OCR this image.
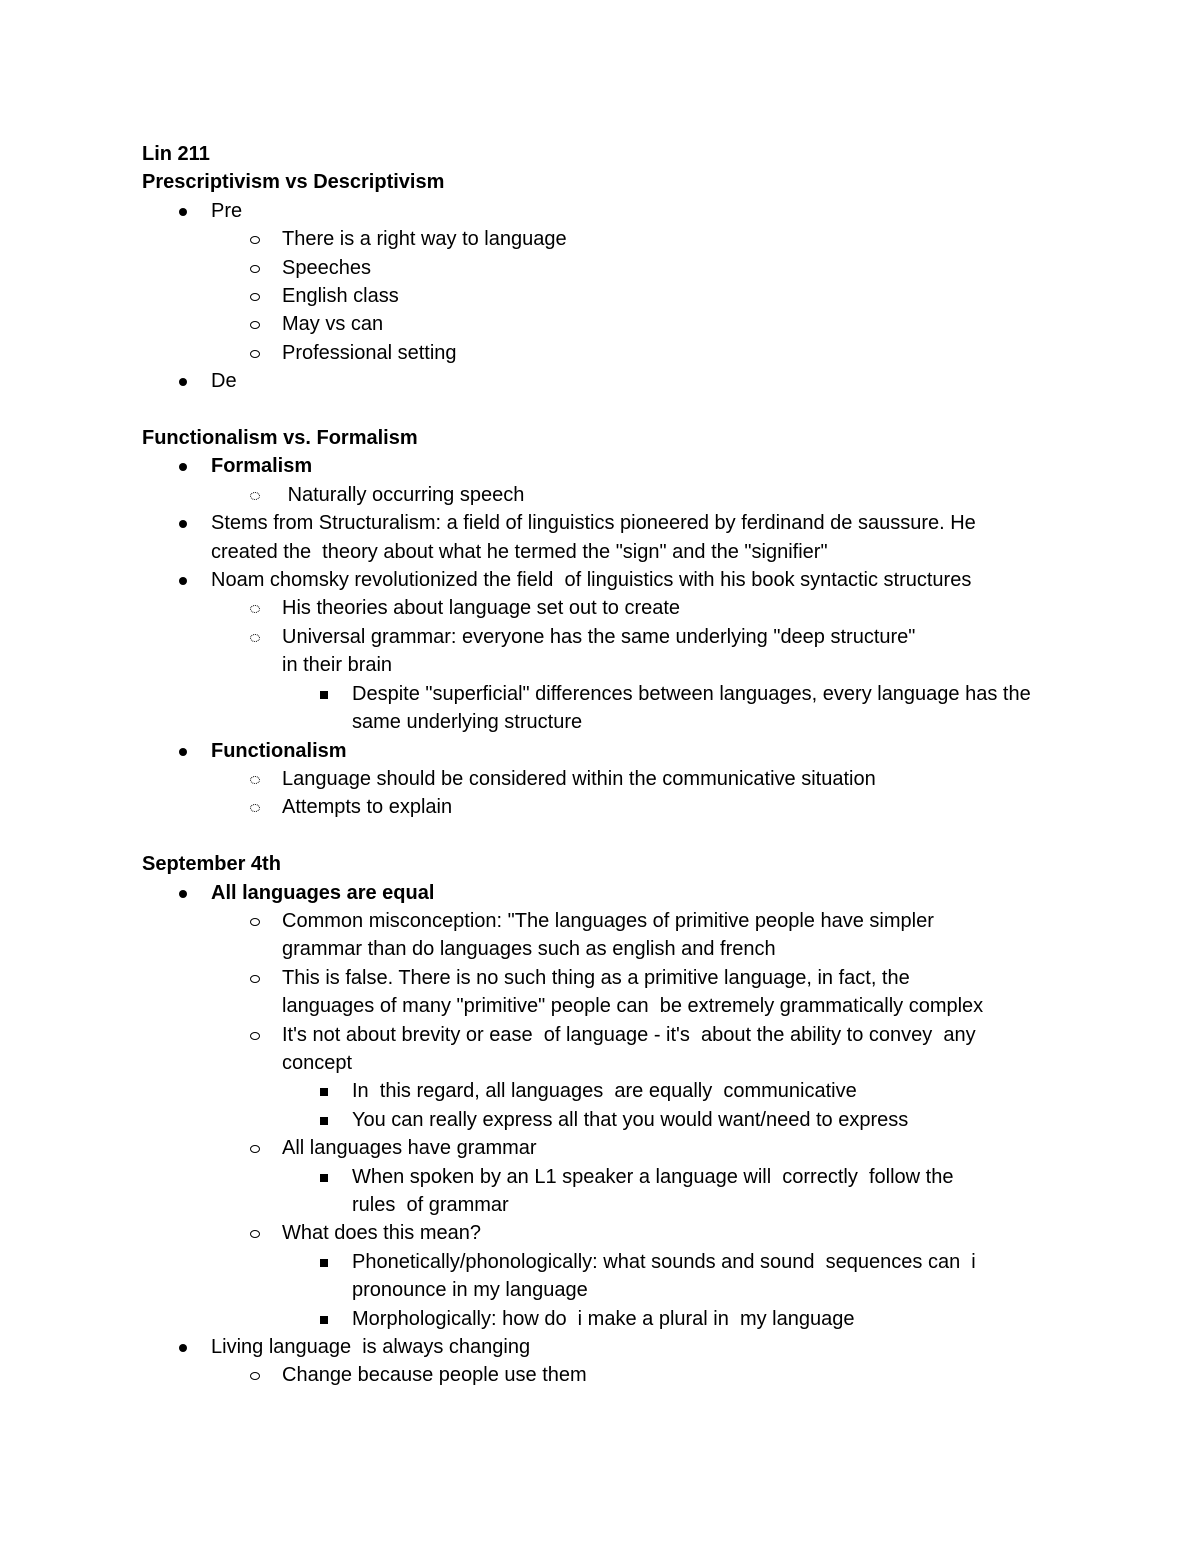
Lin 211
Prescriptivism vs Descriptivism
Pre
There is a right way to language
Speeches
English class
May vs can
Professional setting
De
Functionalism vs. Formalism
Formalism
Naturally occurring speech
Stems from Structuralism: a field of linguistics pioneered by ferdinand de saussure. He
created the  theory about what he termed the "sign" and the "signifier"
Noam chomsky revolutionized the field  of linguistics with his book syntactic structures
His theories about language set out to create
Universal grammar: everyone has the same underlying "deep structure" in their brain
Despite "superficial" differences between languages, every language has the same underlying structure
Functionalism
Language should be considered within the communicative situation
Attempts to explain
September 4th
All languages are equal
Common misconception: "The languages of primitive people have simpler
grammar than do languages such as english and french
This is false. There is no such thing as a primitive language, in fact, the
languages of many "primitive" people can  be extremely grammatically complex
It's not about brevity or ease  of language - it's  about the ability to convey  any
concept
In  this regard, all languages  are equally  communicative
You can really express all that you would want/need to express
All languages have grammar
When spoken by an L1 speaker a language will  correctly  follow the
rules  of grammar
What does this mean?
Phonetically/phonologically: what sounds and sound  sequences can  i
pronounce in my language
Morphologically: how do  i make a plural in  my language
Living language  is always changing
Change because people use them
